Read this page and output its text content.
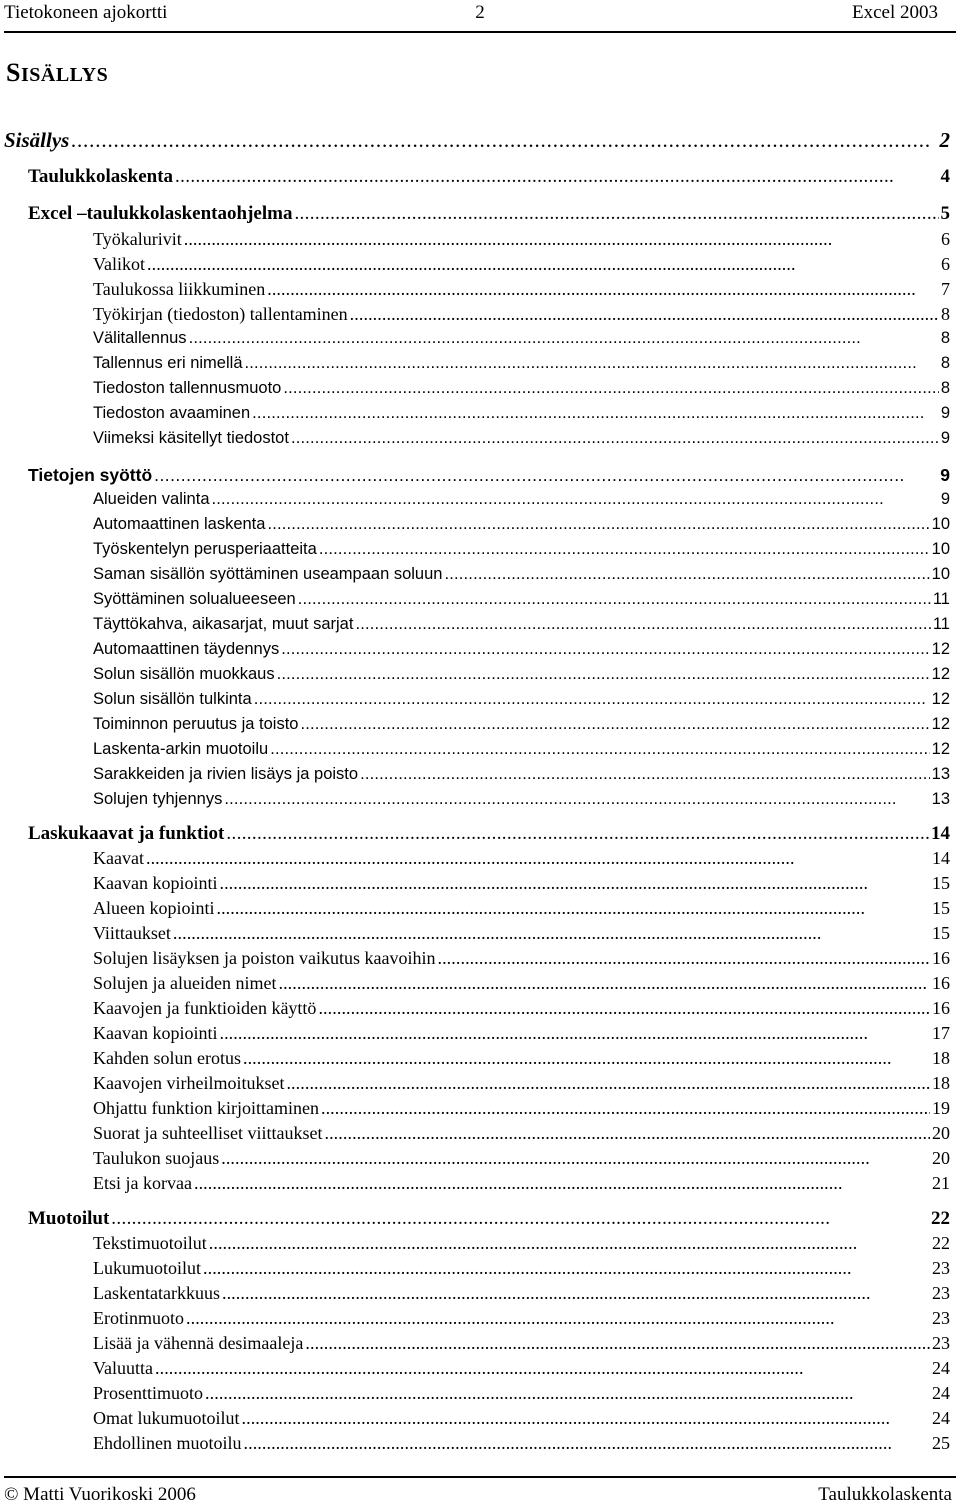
Tietokoneen ajokortti	2	Excel 2003
SISÄLLYS
Sisällys . . .	2
Taulukkolaskenta . . .	4
Excel –taulukkolaskentaohjelma . . .	5
Työkalurivit . . .	6
Valikot . . .	6
Taulukossa liikkuminen . . .	7
Työkirjan (tiedoston) tallentaminen . . .	8
Välitallennus . . .	8
Tallennus eri nimellä . . .	8
Tiedoston tallennusmuoto . . .	8
Tiedoston avaaminen . . .	9
Viimeksi käsitellyt tiedostot . . .	9
Tietojen syöttö . . .	9
Alueiden valinta . . .	9
Automaattinen laskenta . . .	10
Työskentelyn perusperiaatteita . . .	10
Saman sisällön syöttäminen useampaan soluun . . .	10
Syöttäminen solualueeseen . . .	11
Täyttökahva, aikasarjat, muut sarjat . . .	11
Automaattinen täydennys . . .	12
Solun sisällön muokkaus . . .	12
Solun sisällön tulkinta . . .	12
Toiminnon peruutus ja toisto . . .	12
Laskenta-arkin muotoilu . . .	12
Sarakkeiden ja rivien lisäys ja poisto . . .	13
Solujen tyhjennys . . .	13
Laskukaavat ja funktiot . . .	14
Kaavat . . .	14
Kaavan kopiointi . . .	15
Alueen kopiointi . . .	15
Viittaukset . . .	15
Solujen lisäyksen ja poiston vaikutus kaavoihin . . .	16
Solujen ja alueiden nimet . . .	16
Kaavojen ja funktioiden käyttö . . .	16
Kaavan kopiointi . . .	17
Kahden solun erotus . . .	18
Kaavojen virheilmoitukset . . .	18
Ohjattu funktion kirjoittaminen . . .	19
Suorat ja suhteelliset viittaukset . . .	20
Taulukon suojaus . . .	20
Etsi ja korvaa . . .	21
Muotoilut . . .	22
Tekstimuotoilut . . .	22
Lukumuotoilut . . .	23
Laskentatarkkuus . . .	23
Erotinmuoto . . .	23
Lisää ja vähennä desimaaleja . . .	23
Valuutta . . .	24
Prosenttimuoto . . .	24
Omat lukumuotoilut . . .	24
Ehdollinen muotoilu . . .	25
© Matti Vuorikoski 2006	Taulukkolaskenta
